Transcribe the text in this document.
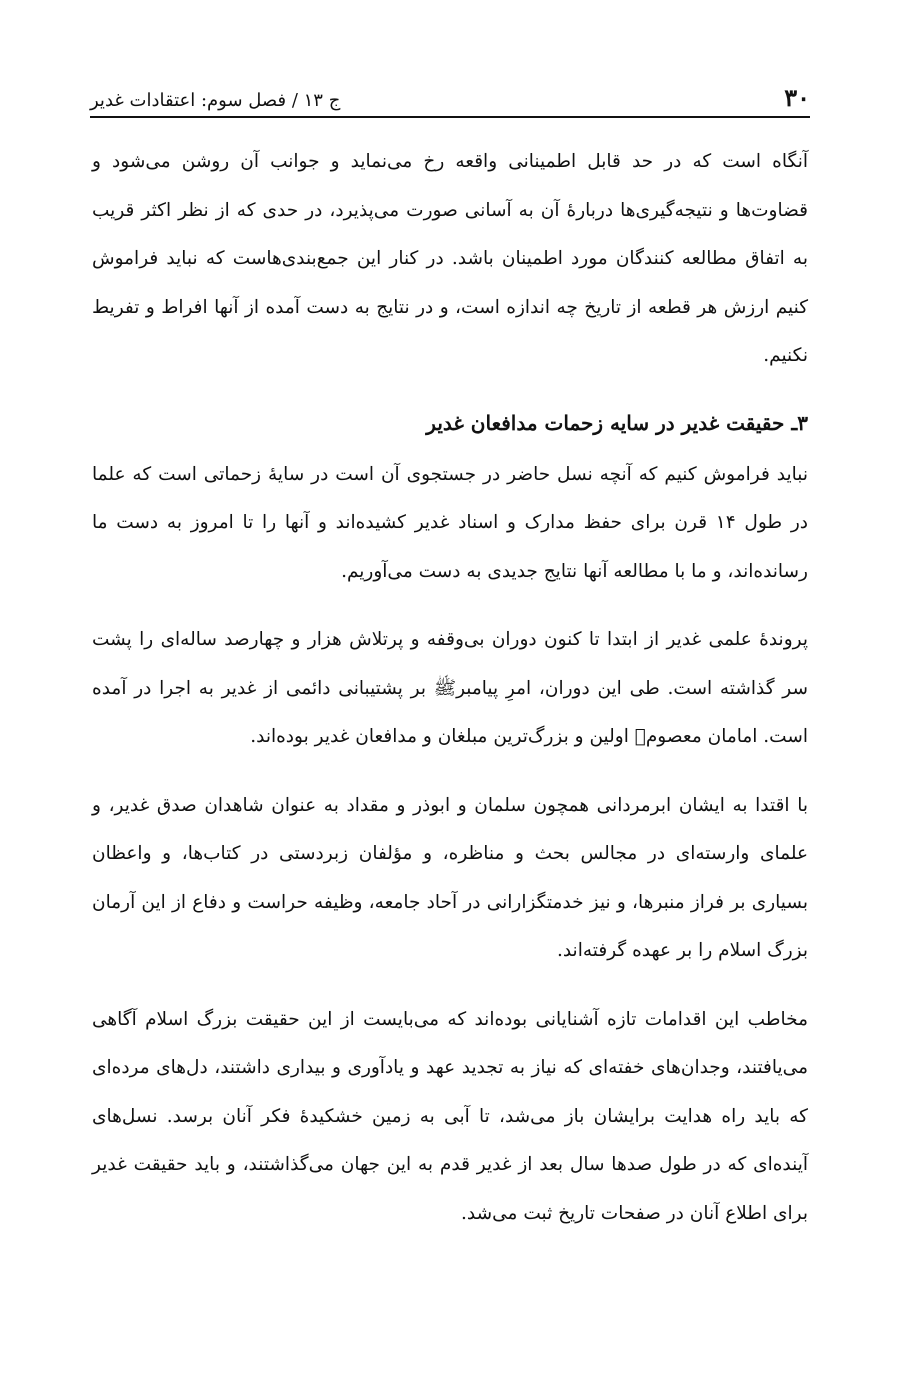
۳۰
ج ۱۳ / فصل سوم: اعتقادات غدیر

آنگاه است که در حد قابل اطمینانی واقعه رخ می‌نماید و جوانب آن روشن می‌شود و قضاوت‌ها و نتیجه‌گیری‌ها دربارۀ آن به آسانی صورت می‌پذیرد، در حدی که از نظر اکثر قریب به اتفاق مطالعه کنندگان مورد اطمینان باشد. در کنار این جمع‌بندی‌هاست که نباید فراموش کنیم ارزش هر قطعه از تاریخ چه اندازه است، و در نتایج به دست آمده از آنها افراط و تفریط نکنیم.

۳ـ حقیقت غدیر در سایه زحمات مدافعان غدیر

نباید فراموش کنیم که آنچه نسل حاضر در جستجوی آن است در سایۀ زحماتی است که علما در طول ۱۴ قرن برای حفظ مدارک و اسناد غدیر کشیده‌اند و آنها را تا امروز به دست ما رسانده‌اند، و ما با مطالعه آنها نتایج جدیدی به دست می‌آوریم.

پروندۀ علمی غدیر از ابتدا تا کنون دوران بی‌وقفه و پرتلاش هزار و چهارصد ساله‌ای را پشت سر گذاشته است. طی این دوران، امرِ پیامبرﷺ بر پشتیبانی دائمی از غدیر به اجرا در آمده است. امامان معصوم﷩ اولین و بزرگ‌ترین مبلغان و مدافعان غدیر بوده‌اند.

با اقتدا به ایشان ابرمردانی همچون سلمان و ابوذر و مقداد به عنوان شاهدان صدق غدیر، و علمای وارسته‌ای در مجالس بحث و مناظره، و مؤلفان زبردستی در کتاب‌ها، و واعظان بسیاری بر فراز منبرها، و نیز خدمتگزارانی در آحاد جامعه، وظیفه حراست و دفاع از این آرمان بزرگ اسلام را بر عهده گرفته‌اند.

مخاطب این اقدامات تازه آشنایانی بوده‌اند که می‌بایست از این حقیقت بزرگ اسلام آگاهی می‌یافتند، وجدان‌های خفته‌ای که نیاز به تجدید عهد و یادآوری و بیداری داشتند، دل‌های مرده‌ای که باید راه هدایت برایشان باز می‌شد، تا آبی به زمین خشکیدۀ فکر آنان برسد. نسل‌های آینده‌ای که در طول صدها سال بعد از غدیر قدم به این جهان می‌گذاشتند، و باید حقیقت غدیر برای اطلاع آنان در صفحات تاریخ ثبت می‌شد.
